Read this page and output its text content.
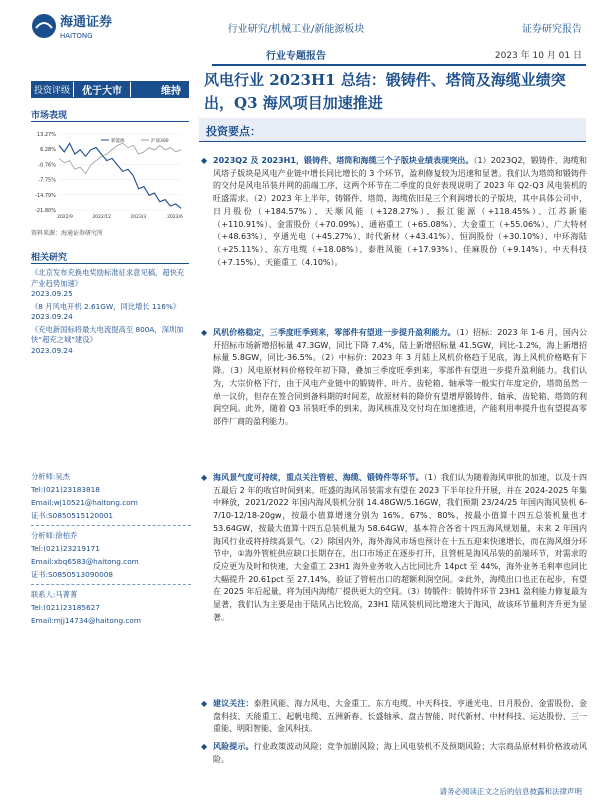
海通证券
HAITONG
行业研究/机械工业/新能源板块
行业专题报告
证券研究报告
2023 年 10 月 01 日
投资评级	优于大市	维持
市场表现
13.27%
6.28%
-0.76%
-7.75%
-14.79%
-21.80%
2022/9	2022/12	2023/3	2023/6
新能源	沪深300
资料来源：海通证券研究所
相关研究
《北京发布充换电奖励标准征求意见稿，超快充产业趋势加速》
2023.09.25
《8 月风电开机 2.61GW，同比增长 116%》
2023.09.24
《充电新国标将最大电流提高至 800A，深圳加快“超充之城”建设》
2023.09.24
分析师:吴杰
Tel:(021)23183818
Email:wj10521@haitong.com
证书:S0850515120001
分析师:徐柏乔
Tel:(021)23219171
Email:xbq6583@haitong.com
证书:S0850513090008
联系人:马菁菁
Tel:(021)23185627
Email:mjj14734@haitong.com
风电行业 2023H1 总结：锻铸件、塔筒及海缆业绩突出，Q3 海风项目加速推进
投资要点：
◆ 2023Q2 及 2023H1，锻铸件、塔筒和海缆三个子版块业绩表现突出。（1）2023Q2，锻铸件、海缆和风塔子版块是风电产业链中增长同比增长的 3 个环节，盈利修复较为迅速和显著。我们认为塔筒和锻铸件的交付是风电吊装并网的前端工序，这两个环节在二季度的良好表现说明了 2023 年 Q2-Q3 风电装机的旺盛需求。（2）2023 年上半年，铸锻件、塔筒、海缆依旧是三个利润增长的子版块，其中具体公司中，日月股份（+184.57%）、天顺风能（+128.27%）、振江能源（+118.45%）、江苏新能（+110.91%）、金雷股份（+70.09%）、通裕重工（+65.08%）、大金重工（+55.06%）、广大特材（+48.63%）、亨通光电（+45.27%）、时代新材（+43.41%）、恒润股份（+30.10%）、中环海陆（+25.11%）、东方电缆（+18.08%）、泰胜风能（+17.93%）、佳麻股份（+9.14%）、中天科技（+7.15%）、天能重工（4.10%）。
◆ 风机价格稳定，三季度旺季到来，零部件有望进一步提升盈利能力。（1）招标：2023 年 1-6 月，国内公开招标市场新增招标量 47.3GW，同比下降 7.4%，陆上新增招标量 41.5GW，同比-1.2%，海上新增招标量 5.8GW，同比-36.5%。（2）中标价：2023 年 3 月陆上风机价格趋于见底，海上风机价格略有下降。（3）风电原材料价格较年初下降，叠加三季度旺季到来，零部件有望进一步提升盈利能力。我们认为，大宗价格下行，由于风电产业链中的锻铸件、叶片、齿轮箱、轴承等一般实行年度定价，塔筒虽然一单一议价，但存在签合同到备料期的时间差，故原材料的降价有望增厚锻铸件、轴承、齿轮箱、塔筒的利润空间。此外，随着 Q3 吊装旺季的到来，海风核准及交付均在加速推进，产能利用率提升也有望提高零部件厂商的盈利能力。
◆ 海风景气度可持续，重点关注管桩、海缆、锻铸件等环节。（1）我们认为随着海风审批的加速，以及十四五最后 2 年的收官时间到来，旺盛的海风吊装需求有望在 2023 下半年拉升开展，并在 2024-2025 年集中释放，2021/2022 年国内海风装机分别 14.48GW/5.16GW，我们预期 23/24/25 年国内海风装机 6-7/10-12/18-20gw，按最小值算增速分别为 16%、67%、80%，按最小值算十四五总装机量也才 53.64GW，按最大值算十四五总装机量为 58.64GW，基本符合各省十四五海风规划量，未来 2 年国内海风行业或将持续高景气。（2）除国内外，海外海风市场也预计在十五五迎来快速增长，而在海风细分环节中，①海外管桩供应缺口长期存在，出口市场正在逐步打开，且管桩是海风吊装的前端环节，对需求的反应更为及时和快速，大金重工 23H1 海外业务收入占比同比升 14pct 至 44%，海外业务毛利率也同比大幅提升 20.61pct 至 27.14%，验证了管桩出口的超额利润空间。②此外，海缆出口也正在起步，有望在 2025 年后起量，将为国内海缆厂提供更大的空间。（3）铸锻件：锻铸件环节 23H1 盈利能力修复最为显著，我们认为主要是由于陆风占比较高，23H1 陆风装机同比增速大于海风，故该环节量利齐升更为显著。
◆ 建议关注：泰胜风能、海力风电、大金重工、东方电缆、中天科技、亨通光电、日月股份、金雷股份、金盘科技、天能重工、起帆电缆、五洲新春、长盛轴承、盘古智能、时代新材、中材科技、运达股份、三一重能、明阳智能、金风科技。
◆ 风险提示。行业政策波动风险；竞争加剧风险；海上风电装机不及预期风险；大宗商品原材料价格波动风险。
请务必阅读正文之后的信息披露和法律声明
